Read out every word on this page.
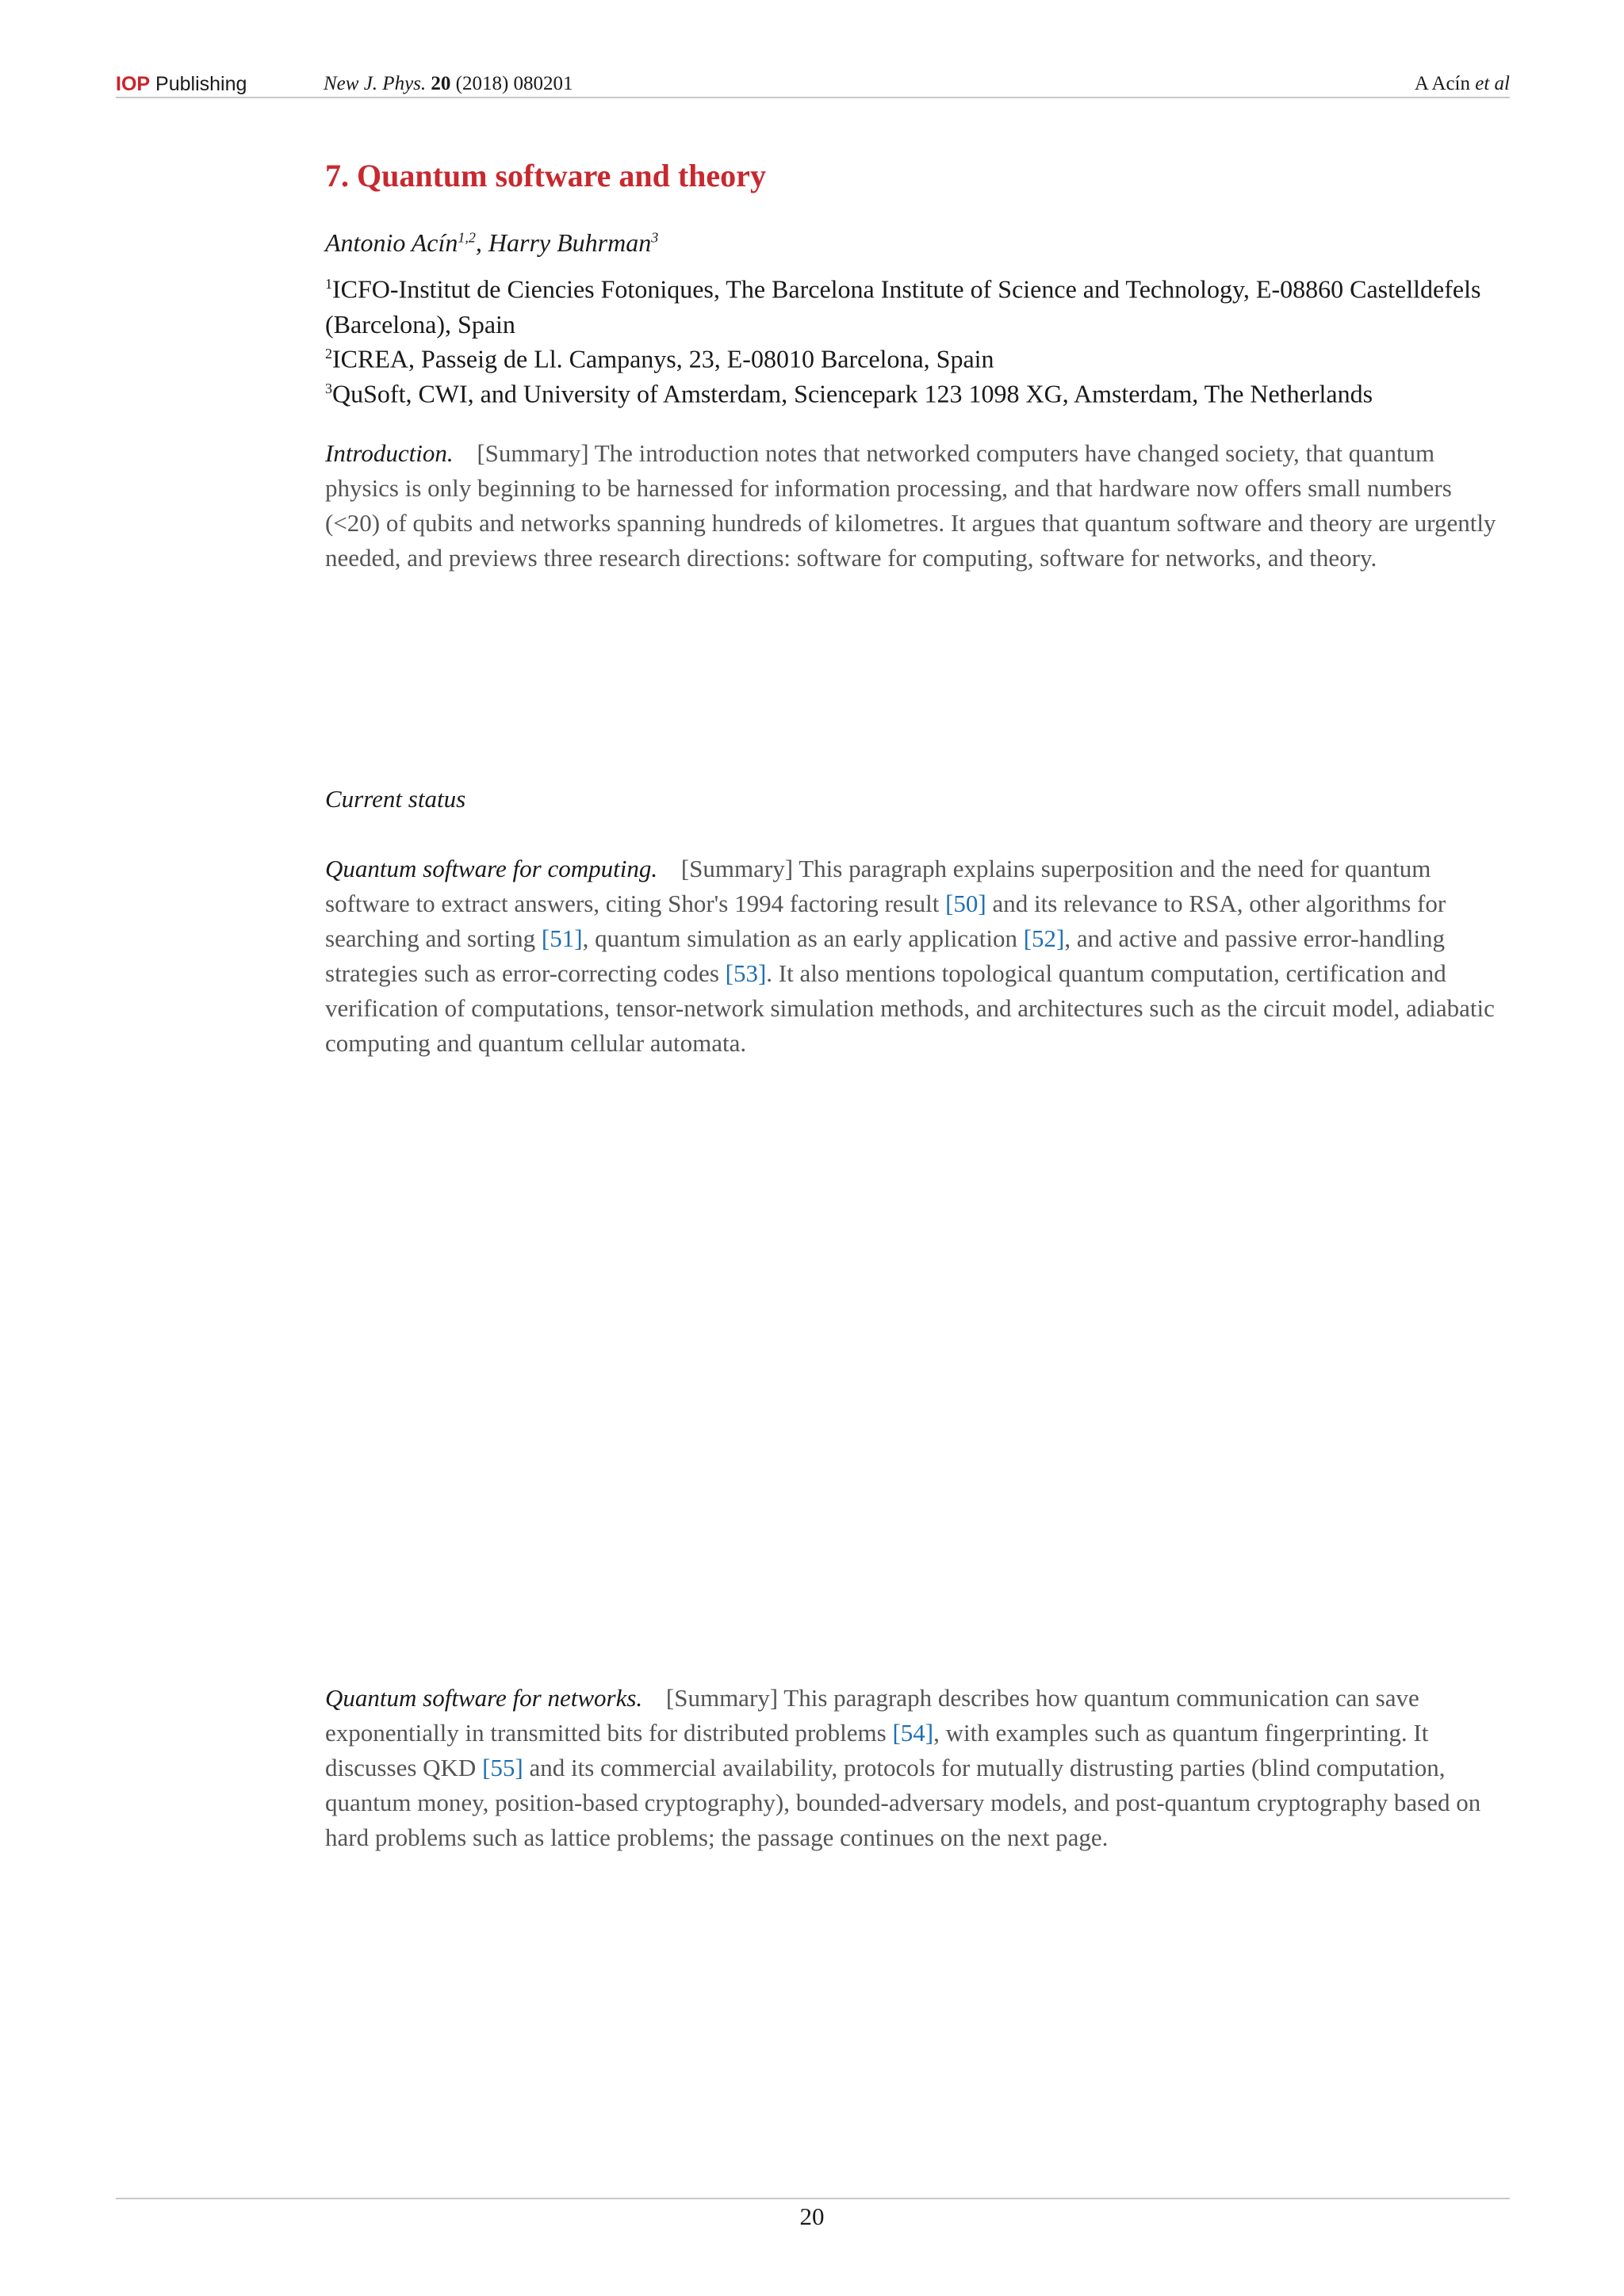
IOP Publishing	New J. Phys. 20 (2018) 080201	A Acín et al
7. Quantum software and theory

Antonio Acín$^{1,2}$, Harry Buhrman$^3$

$^1$ICFO-Institut de Ciencies Fotoniques, The Barcelona Institute of Science and Technology, E-08860 Castelldefels (Barcelona), Spain

$^2$ICREA, Passeig de Ll. Campanys, 23, E-08010 Barcelona, Spain

$^3$QuSoft, CWI, and University of Amsterdam, Sciencepark 123 1098 XG, Amsterdam, The Netherlands

Introduction. [Summary] The introduction notes that networked computers have changed society, that quantum physics is only beginning to be harnessed for information processing, and that hardware now offers small numbers (<20) of qubits and networks spanning hundreds of kilometres. It argues that quantum software and theory are urgently needed, and previews three research directions: software for computing, software for networks, and theory.

Current status

Quantum software for computing. [Summary] This paragraph explains superposition and the need for quantum software to extract answers, citing Shor's 1994 factoring result [50] and its relevance to RSA, other algorithms for searching and sorting [51], quantum simulation as an early application [52], and active and passive error-handling strategies such as error-correcting codes [53]. It also mentions topological quantum computation, certification and verification of computations, tensor-network simulation methods, and architectures such as the circuit model, adiabatic computing and quantum cellular automata.

Quantum software for networks. [Summary] This paragraph describes how quantum communication can save exponentially in transmitted bits for distributed problems [54], with examples such as quantum fingerprinting. It discusses QKD [55] and its commercial availability, protocols for mutually distrusting parties (blind computation, quantum money, position-based cryptography), bounded-adversary models, and post-quantum cryptography based on hard problems such as lattice problems; the passage continues on the next page.

20
